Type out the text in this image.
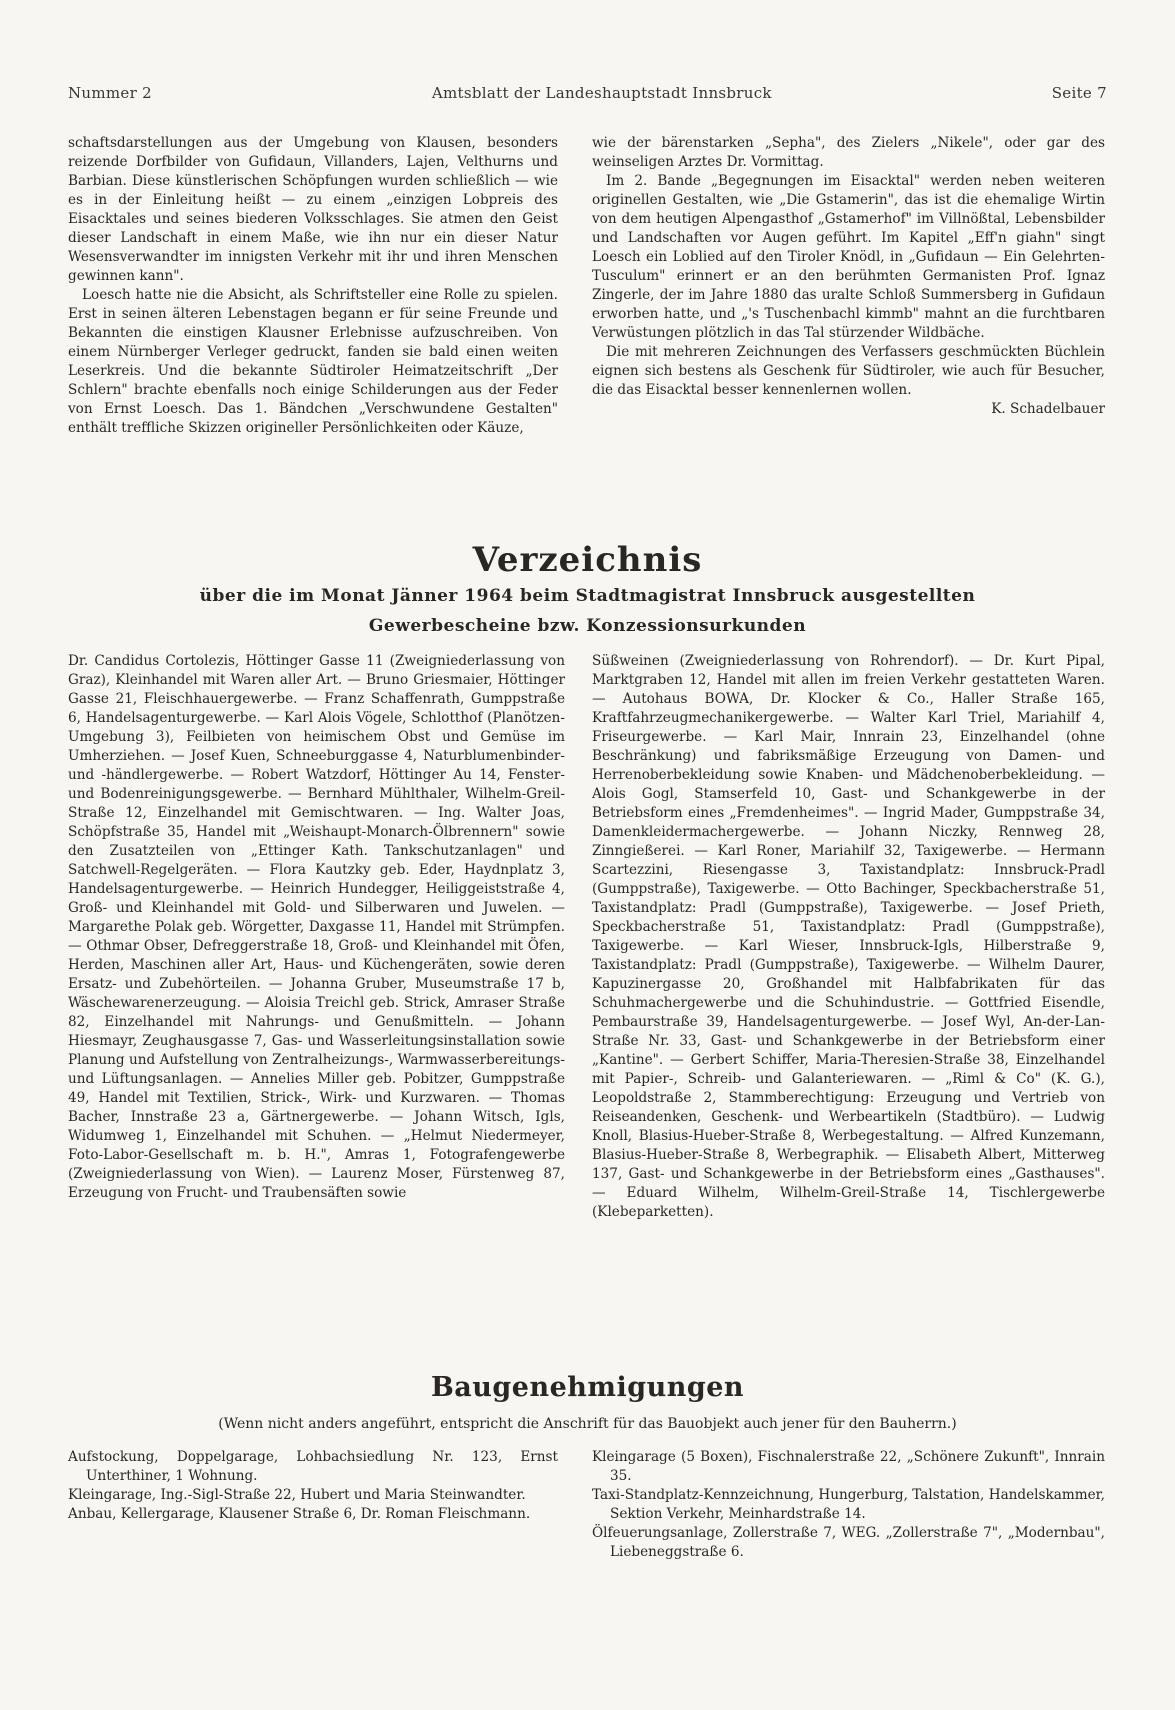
Nummer 2	Amtsblatt der Landeshauptstadt Innsbruck	Seite 7

schaftsdarstellungen aus der Umgebung von Klausen, besonders reizende Dorfbilder von Gufidaun, Villanders, Lajen, Velthurns und Barbian. Diese künstlerischen Schöpfungen wurden schließlich — wie es in der Einleitung heißt — zu einem „einzigen Lobpreis des Eisacktales und seines biederen Volksschlages. Sie atmen den Geist dieser Landschaft in einem Maße, wie ihn nur ein dieser Natur Wesensverwandter im innigsten Verkehr mit ihr und ihren Menschen gewinnen kann".

Loesch hatte nie die Absicht, als Schriftsteller eine Rolle zu spielen. Erst in seinen älteren Lebenstagen begann er für seine Freunde und Bekannten die einstigen Klausner Erlebnisse aufzuschreiben. Von einem Nürnberger Verleger gedruckt, fanden sie bald einen weiten Leserkreis. Und die bekannte Südtiroler Heimatzeitschrift „Der Schlern" brachte ebenfalls noch einige Schilderungen aus der Feder von Ernst Loesch. Das 1. Bändchen „Verschwundene Gestalten" enthält treffliche Skizzen origineller Persönlichkeiten oder Käuze,

wie der bärenstarken „Sepha", des Zielers „Nikele", oder gar des weinseligen Arztes Dr. Vormittag.

Im 2. Bande „Begegnungen im Eisacktal" werden neben weiteren originellen Gestalten, wie „Die Gstamerin", das ist die ehemalige Wirtin von dem heutigen Alpengasthof „Gstamerhof" im Villnößtal, Lebensbilder und Landschaften vor Augen geführt. Im Kapitel „Eff'n giahn" singt Loesch ein Loblied auf den Tiroler Knödl, in „Gufidaun — Ein Gelehrten-Tusculum" erinnert er an den berühmten Germanisten Prof. Ignaz Zingerle, der im Jahre 1880 das uralte Schloß Summersberg in Gufidaun erworben hatte, und „'s Tuschenbachl kimmb" mahnt an die furchtbaren Verwüstungen plötzlich in das Tal stürzender Wildbäche.

Die mit mehreren Zeichnungen des Verfassers geschmückten Büchlein eignen sich bestens als Geschenk für Südtiroler, wie auch für Besucher, die das Eisacktal besser kennenlernen wollen.

K. Schadelbauer
Verzeichnis
über die im Monat Jänner 1964 beim Stadtmagistrat Innsbruck ausgestellten
Gewerbescheine bzw. Konzessionsurkunden

Dr. Candidus Cortolezis, Höttinger Gasse 11 (Zweigniederlassung von Graz), Kleinhandel mit Waren aller Art. — Bruno Griesmaier, Höttinger Gasse 21, Fleischhauergewerbe. — Franz Schaffenrath, Gumppstraße 6, Handelsagenturgewerbe. — Karl Alois Vögele, Schlotthof (Planötzen-Umgebung 3), Feilbieten von heimischem Obst und Gemüse im Umherziehen. — Josef Kuen, Schneeburggasse 4, Naturblumenbinder- und -händlergewerbe. — Robert Watzdorf, Höttinger Au 14, Fenster- und Bodenreinigungsgewerbe. — Bernhard Mühlthaler, Wilhelm-Greil-Straße 12, Einzelhandel mit Gemischtwaren. — Ing. Walter Joas, Schöpfstraße 35, Handel mit „Weishaupt-Monarch-Ölbrennern" sowie den Zusatzteilen von „Ettinger Kath. Tankschutzanlagen" und Satchwell-Regelgeräten. — Flora Kautzky geb. Eder, Haydnplatz 3, Handelsagenturgewerbe. — Heinrich Hundegger, Heiliggeiststraße 4, Groß- und Kleinhandel mit Gold- und Silberwaren und Juwelen. — Margarethe Polak geb. Wörgetter, Daxgasse 11, Handel mit Strümpfen. — Othmar Obser, Defreggerstraße 18, Groß- und Kleinhandel mit Öfen, Herden, Maschinen aller Art, Haus- und Küchengeräten, sowie deren Ersatz- und Zubehörteilen. — Johanna Gruber, Museumstraße 17 b, Wäschewarenerzeugung. — Aloisia Treichl geb. Strick, Amraser Straße 82, Einzelhandel mit Nahrungs- und Genußmitteln. — Johann Hiesmayr, Zeughausgasse 7, Gas- und Wasserleitungsinstallation sowie Planung und Aufstellung von Zentralheizungs-, Warmwasserbereitungs- und Lüftungsanlagen. — Annelies Miller geb. Pobitzer, Gumppstraße 49, Handel mit Textilien, Strick-, Wirk- und Kurzwaren. — Thomas Bacher, Innstraße 23 a, Gärtnergewerbe. — Johann Witsch, Igls, Widumweg 1, Einzelhandel mit Schuhen. — „Helmut Niedermeyer, Foto-Labor-Gesellschaft m. b. H.", Amras 1, Fotografengewerbe (Zweigniederlassung von Wien). — Laurenz Moser, Fürstenweg 87, Erzeugung von Frucht- und Traubensäften sowie

Süßweinen (Zweigniederlassung von Rohrendorf). — Dr. Kurt Pipal, Marktgraben 12, Handel mit allen im freien Verkehr gestatteten Waren. — Autohaus BOWA, Dr. Klocker & Co., Haller Straße 165, Kraftfahrzeugmechanikergewerbe. — Walter Karl Triel, Mariahilf 4, Friseurgewerbe. — Karl Mair, Innrain 23, Einzelhandel (ohne Beschränkung) und fabriksmäßige Erzeugung von Damen- und Herrenoberbekleidung sowie Knaben- und Mädchenoberbekleidung. — Alois Gogl, Stamserfeld 10, Gast- und Schankgewerbe in der Betriebsform eines „Fremdenheimes". — Ingrid Mader, Gumppstraße 34, Damenkleidermachergewerbe. — Johann Niczky, Rennweg 28, Zinngießerei. — Karl Roner, Mariahilf 32, Taxigewerbe. — Hermann Scartezzini, Riesengasse 3, Taxistandplatz: Innsbruck-Pradl (Gumppstraße), Taxigewerbe. — Otto Bachinger, Speckbacherstraße 51, Taxistandplatz: Pradl (Gumppstraße), Taxigewerbe. — Josef Prieth, Speckbacherstraße 51, Taxistandplatz: Pradl (Gumppstraße), Taxigewerbe. — Karl Wieser, Innsbruck-Igls, Hilberstraße 9, Taxistandplatz: Pradl (Gumppstraße), Taxigewerbe. — Wilhelm Daurer, Kapuzinergasse 20, Großhandel mit Halbfabrikaten für das Schuhmachergewerbe und die Schuhindustrie. — Gottfried Eisendle, Pembaurstraße 39, Handelsagenturgewerbe. — Josef Wyl, An-der-Lan-Straße Nr. 33, Gast- und Schankgewerbe in der Betriebsform einer „Kantine". — Gerbert Schiffer, Maria-Theresien-Straße 38, Einzelhandel mit Papier-, Schreib- und Galanteriewaren. — „Riml & Co" (K. G.), Leopoldstraße 2, Stammberechtigung: Erzeugung und Vertrieb von Reiseandenken, Geschenk- und Werbeartikeln (Stadtbüro). — Ludwig Knoll, Blasius-Hueber-Straße 8, Werbegestaltung. — Alfred Kunzemann, Blasius-Hueber-Straße 8, Werbegraphik. — Elisabeth Albert, Mitterweg 137, Gast- und Schankgewerbe in der Betriebsform eines „Gasthauses". — Eduard Wilhelm, Wilhelm-Greil-Straße 14, Tischlergewerbe (Klebeparketten).

Baugenehmigungen
(Wenn nicht anders angeführt, entspricht die Anschrift für das Bauobjekt auch jener für den Bauherrn.)

Aufstockung, Doppelgarage, Lohbachsiedlung Nr. 123, Ernst Unterthiner, 1 Wohnung.

Kleingarage, Ing.-Sigl-Straße 22, Hubert und Maria Steinwandter.

Anbau, Kellergarage, Klausener Straße 6, Dr. Roman Fleischmann.

Kleingarage (5 Boxen), Fischnalerstraße 22, „Schönere Zukunft", Innrain 35.

Taxi-Standplatz-Kennzeichnung, Hungerburg, Talstation, Handelskammer, Sektion Verkehr, Meinhardstraße 14.

Ölfeuerungsanlage, Zollerstraße 7, WEG. „Zollerstraße 7", „Modernbau", Liebeneggstraße 6.
